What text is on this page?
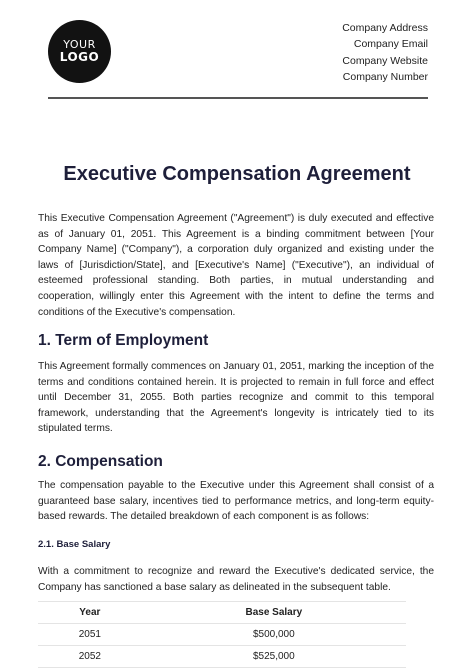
YOUR
LOGO
Company Address
Company Email
Company Website
Company Number
Executive Compensation Agreement

This Executive Compensation Agreement ("Agreement") is duly executed and effective as of January 01, 2051. This Agreement is a binding commitment between [Your Company Name] ("Company"), a corporation duly organized and existing under the laws of [Jurisdiction/State], and [Executive's Name] ("Executive"), an individual of esteemed professional standing. Both parties, in mutual understanding and cooperation, willingly enter this Agreement with the intent to define the terms and conditions of the Executive's compensation.

1. Term of Employment

This Agreement formally commences on January 01, 2051, marking the inception of the terms and conditions contained herein. It is projected to remain in full force and effect until December 31, 2055. Both parties recognize and commit to this temporal framework, understanding that the Agreement's longevity is intricately tied to its stipulated terms.

2. Compensation

The compensation payable to the Executive under this Agreement shall consist of a guaranteed base salary, incentives tied to performance metrics, and long-term equity-based rewards. The detailed breakdown of each component is as follows:

2.1. Base Salary

With a commitment to recognize and reward the Executive's dedicated service, the Company has sanctioned a base salary as delineated in the subsequent table.

Year	Base Salary
2051	$500,000
2052	$525,000
